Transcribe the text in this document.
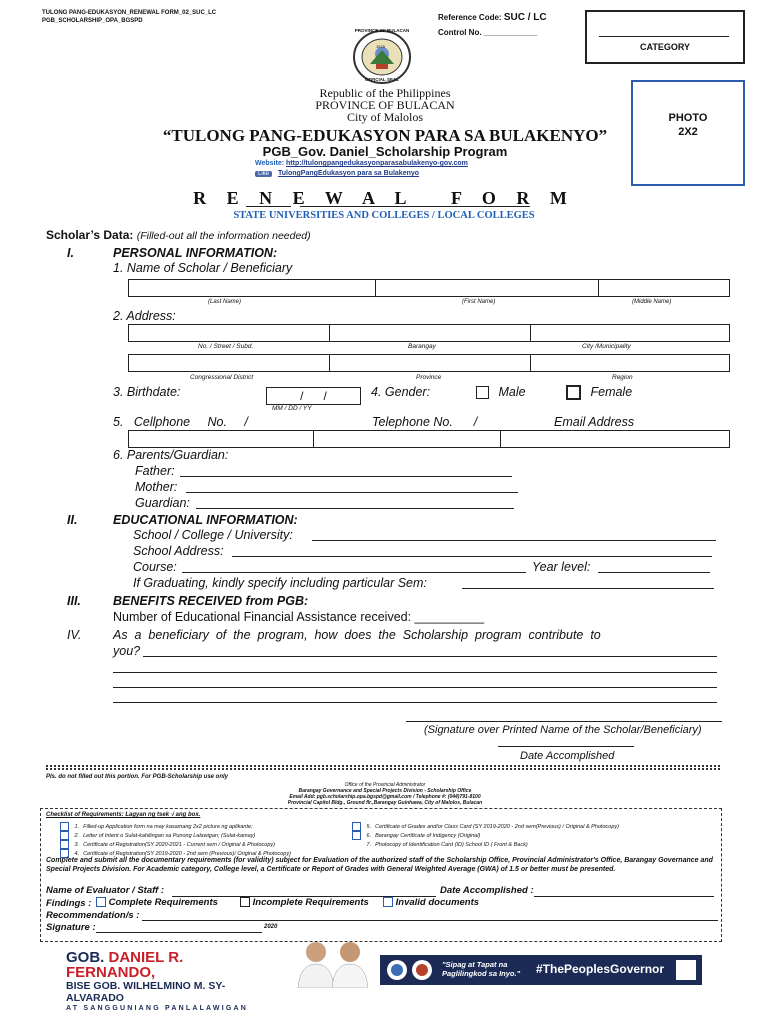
TULONG PANG-EDUKASYON_RENEWAL FORM_02_SUC_LC
PGB_SCHOLARSHIP_OPA_BGSPD	Reference Code: SUC / LC
Control No. ____________
CATEGORY
PHOTO
2X2
PROVINCE OF BULACAN
1578
OFFICIAL SEAL
Republic of the Philippines
PROVINCE OF BULACAN
City of Malolos
“TULONG PANG-EDUKASYON PARA SA BULAKENYO”
PGB_Gov. Daniel_Scholarship Program
Website: http://tulongpangedukasyonparasabulakenyo-gov.com
Like TulongPangEdukasyon para sa Bulakenyo
R E N E W A L   F O R M
STATE UNIVERSITIES AND COLLEGES / LOCAL COLLEGES
Scholar’s Data: (Filled-out all the information needed)
I.	PERSONAL INFORMATION:
1. Name of Scholar / Beneficiary

(Last Name)	(First Name)	(Middle Name)
2. Address:

No. / Street / Subd.	Barangay	City /Municipality

Congressional District	Province	Region
3. Birthdate:	/      /
MM / DD / YY
4. Gender:	Male	Female
5.   Cellphone     No.     /	Telephone No.      /	Email Address

6. Parents/Guardian:
Father:
Mother:
Guardian:
II.	EDUCATIONAL INFORMATION:
School / College / University:
School Address:
Course:	Year level:
If Graduating, kindly specify including particular Sem:
III.	BENEFITS RECEIVED from PGB:
Number of Educational Financial Assistance received: __________
IV.	As  a  beneficiary  of  the  program,  how  does  the  Scholarship  program  contribute  to
you?
(Signature over Printed Name of the Scholar/Beneficiary)
Date Accomplished
Pls. do not filled out this portion. For PGB-Scholarship use only
Office of the Provincial Administrator
Barangay Governance and Special Projects Division - Scholarship Office
Email Add: pgb.scholarship.opa.bgspd@gmail.com / Telephone #: (044)791-8100
Provincial Capitol Bldg., Ground flr.,Barangay Guinhawa, City of Malolos, Bulacan
Checklist of Requirements: Lagyan ng tsek √ ang box.
1. Filled-up Application form na may kasamang 2x2 picture ng aplikante;
2. Letter of Intent o Sulat-kahilingan sa Punong Lalawigan; (Sulat-kamay)
3. Certificate of Registration(SY 2020-2021 - Current sem / Original & Photocopy)
4. Certificate of Registration(SY 2019-2020 - 2nd sem (Previous)/ Original & Photocopy)
5. Certificate of Grades and/or Class Card (SY 2019-2020 - 2nd sem(Previous) / Original & Photocopy)
6. Barangay Certificate of Indigency (Original)
7. Photocopy of Identification Card (ID) School ID ( Front & Back)
Complete and submit all the documentary requirements (for validity) subject for Evaluation of the authorized staff of the Scholarship Office, Provincial Administrator's Office, Barangay Governance and Special Projects Division. For Academic category, College level, a Certificate or Report of Grades with General Weighted Average (GWA) of 1.5 or better must be presented.
Name of Evaluator / Staff :	Date Accomplished :
Findings :	Complete Requirements	Incomplete Requirements	Invalid documents
Recommendation/s :
Signature :	2020
GOB. DANIEL R. FERNANDO,
BISE GOB. WILHELMINO M. SY-ALVARADO
AT SANGGUNIANG PANLALAWIGAN
"Sipag at Tapat na
Paglilingkod sa Inyo." #ThePeoplesGovernor
